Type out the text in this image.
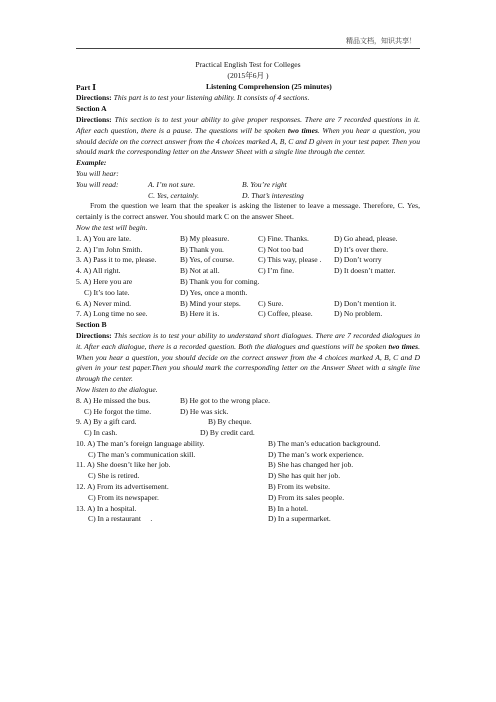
精品文档，知识共享！
Practical English Test for Colleges
(2015年6月 )
Part Ⅰ	Listening Comprehension (25 minutes)
Directions: This part is to test your listening ability. It consists of 4 sections.
Section A
Directions: This section is to test your ability to give proper responses. There are 7 recorded questions in it. After each question, there is a pause. The questions will be spoken two times. When you hear a question, you should decide on the correct answer from the 4 choices marked A, B, C and D given in your test paper. Then you should mark the corresponding letter on the Answer Sheet with a single line through the center.
Example:
You will hear:
You will read:	A. I’m not sure.	B. You’re right
C. Yes, certainly.	D. That’s interesting
From the question we learn that the speaker is asking the listener to leave a message. Therefore, C. Yes, certainly is the correct answer. You should mark C on the answer Sheet.
Now the test will begin.
1. A) You are late.	B) My pleasure.	C) Fine. Thanks.	D) Go ahead, please.
2. A) I’m John Smith.	B) Thank you.	C) Not too bad	D) It’s over there.
3. A) Pass it to me, please.	B) Yes, of course.	C) This way, please .	D) Don’t worry
4. A) All right.	B) Not at all.	C) I’m fine.	D) It doesn’t matter.
5. A) Here you are	B) Thank you for coming.
C) It’s too late.	D) Yes, once a month.
6. A) Never mind.	B) Mind your steps.	C) Sure.	D) Don’t mention it.
7. A) Long time no see.	B) Here it is.	C) Coffee, please.	D) No problem.
Section B
Directions: This section is to test your ability to understand short dialogues. There are 7 recorded dialogues in it. After each dialogue, there is a recorded question. Both the dialogues and questions will be spoken two times. When you hear a question, you should decide on the correct answer from the 4 choices marked A, B, C and D given in your test paper.Then you should mark the corresponding letter on the Answer Sheet with a single line through the center.
Now listen to the dialogue.
8. A) He missed the bus.	B) He got to the wrong place.
C) He forgot the time.	D) He was sick.
9. A) By a gift card.	B) By cheque.
C) In cash.	D) By credit card.
10. A) The man’s foreign language ability.	B) The man’s education background.
C) The man’s communication skill.	D) The man’s work experience.
11. A) She doesn’t like her job.	B) She has changed her job.
C) She is retired.	D) She has quit her job.
12. A) From its advertisement.	B) From its website.
C) From its newspaper.	D) From its sales people.
13. A) In a hospital.	B) In a hotel.
C) In a restaurant     .	D) In a supermarket.
